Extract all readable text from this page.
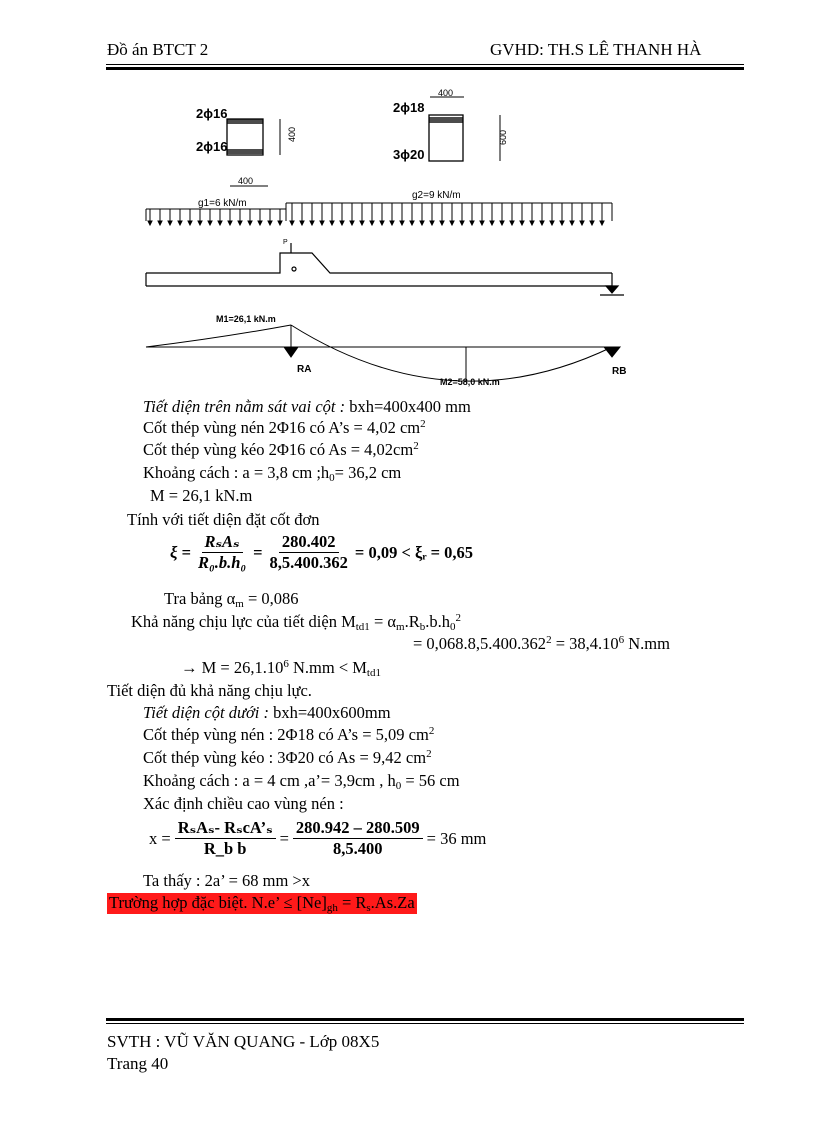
Đồ án BTCT 2	GVHD: TH.S LÊ THANH HÀ
2ϕ16
2ϕ16
400
400
2ϕ18
3ϕ20
600
400
g1=6 kN/m
g2=9 kN/m
P
M1=26,1 kN.m
M2=58,0 kN.m
RA	RB
Tiết diện trên nằm sát vai cột : bxh=400x400 mm
Cốt thép vùng nén 2Φ16 có A’s = 4,02 $cm^2$
Cốt thép vùng kéo 2Φ16 có $As = 4,02cm^2$
Khoảng cách : a = 3,8 cm $;h_0= 36,2$ cm
M = 26,1 kN.m
Tính với tiết diện đặt cốt đơn
$\xi = \frac{\text{RₛAₛ}}{\text{R₀.b.h₀}} = \frac{280.402}{8,5.400.362} = 0,09$ < ξᵣ = 0,65
Tra bảng $\alpha_m = 0,086$
Khả năng chịu lực của tiết diện $M_{td1} = \alpha_m.R_b.b.h_0^2$
= $0,068.8,5.400.362^2 = 38,4.10^6$ N.mm
→ $M = 26,1.10^6$ $N.mm < M_{td1}$
Tiết diện đủ khả năng chịu lực.
Tiết diện cột dưới : bxh=400x600mm
Cốt thép vùng nén : 2Φ18 có A’s = 5,09 $cm^2$
Cốt thép vùng kéo : 3Φ20 có As = 9,42 $cm^2$
Khoảng cách : a = 4 cm ,a’= 3,9cm , $h_0 = 56$ cm
Xác định chiều cao vùng nén :
$x = \frac{\text{RₛAₛ- RₛcA’ₛ}}{\text{R\_b b}} = \frac{280.942 - 280.509}{8,5.400} = 36$ mm
Ta thấy : 2a’ = 68 mm >x
Trường hợp đặc biệt. N.e’ ≤ $[Ne]_{gh} = R_s.As.Za$
SVTH : VŨ VĂN QUANG - Lớp 08X5
Trang 40
